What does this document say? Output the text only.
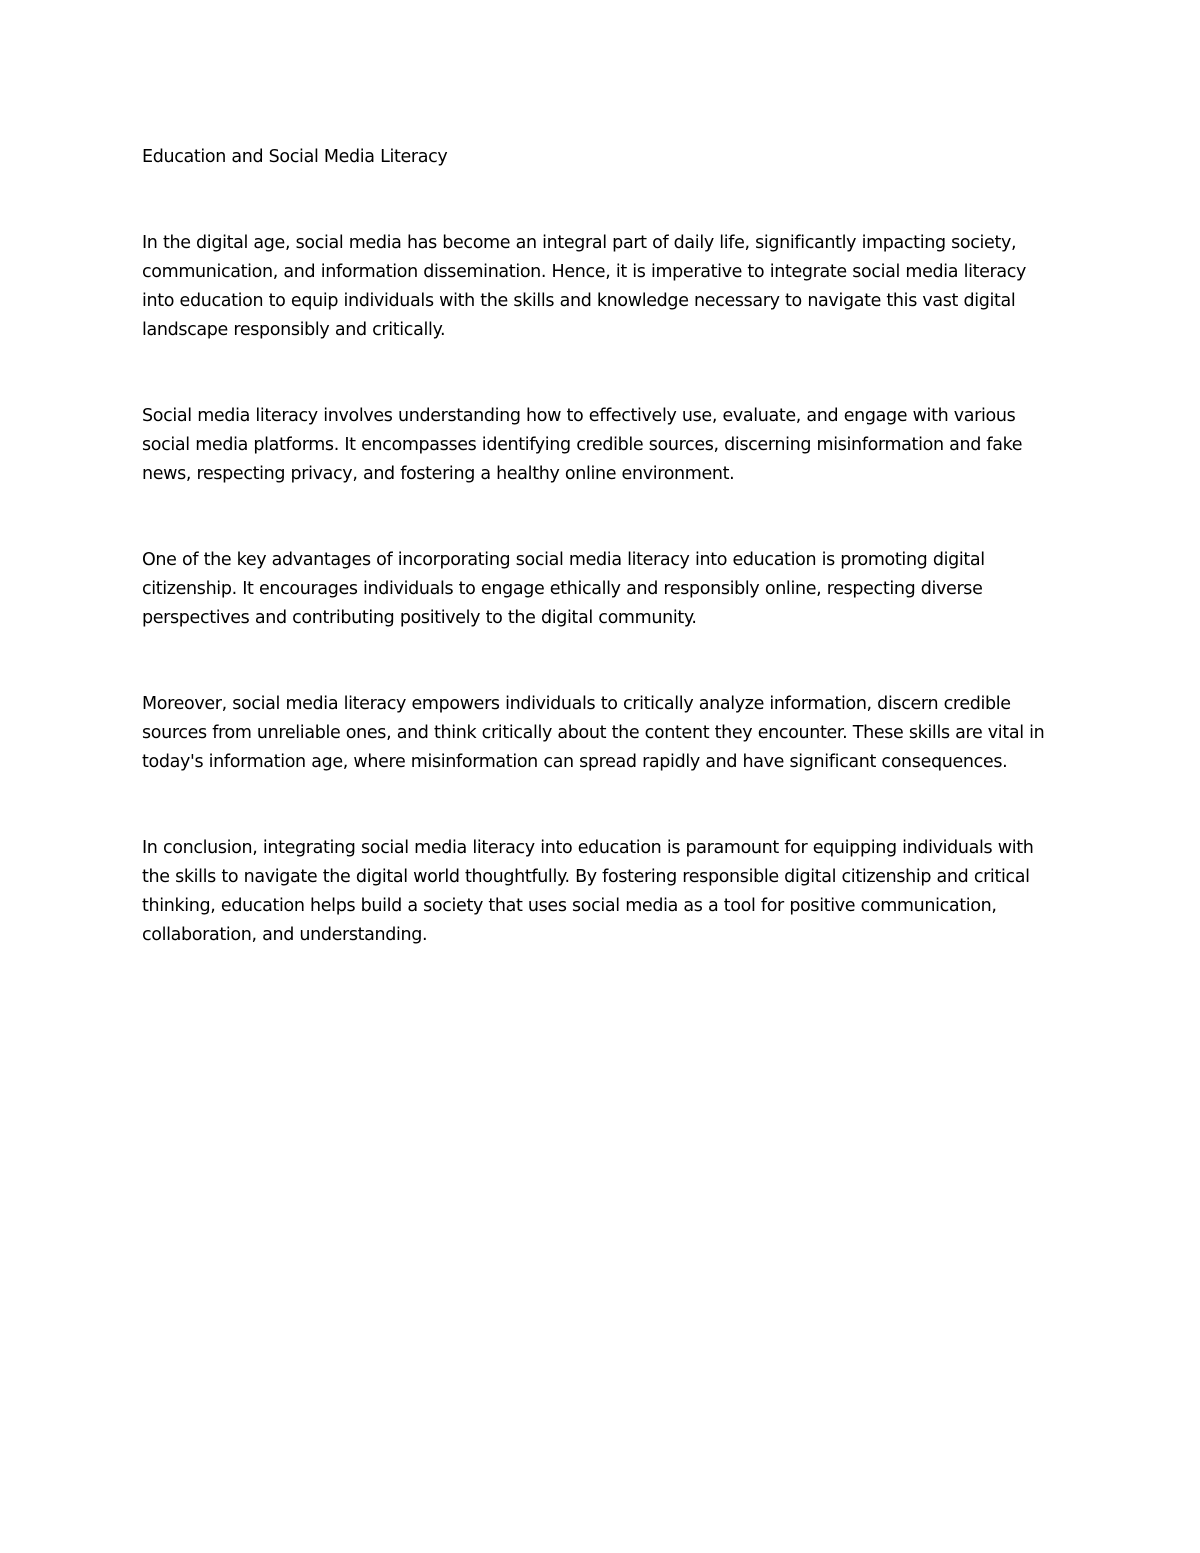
Education and Social Media Literacy

In the digital age, social media has become an integral part of daily life, significantly impacting society, communication, and information dissemination. Hence, it is imperative to integrate social media literacy into education to equip individuals with the skills and knowledge necessary to navigate this vast digital landscape responsibly and critically.

Social media literacy involves understanding how to effectively use, evaluate, and engage with various social media platforms. It encompasses identifying credible sources, discerning misinformation and fake news, respecting privacy, and fostering a healthy online environment.

One of the key advantages of incorporating social media literacy into education is promoting digital citizenship. It encourages individuals to engage ethically and responsibly online, respecting diverse perspectives and contributing positively to the digital community.

Moreover, social media literacy empowers individuals to critically analyze information, discern credible sources from unreliable ones, and think critically about the content they encounter. These skills are vital in today's information age, where misinformation can spread rapidly and have significant consequences.

In conclusion, integrating social media literacy into education is paramount for equipping individuals with the skills to navigate the digital world thoughtfully. By fostering responsible digital citizenship and critical thinking, education helps build a society that uses social media as a tool for positive communication, collaboration, and understanding.
